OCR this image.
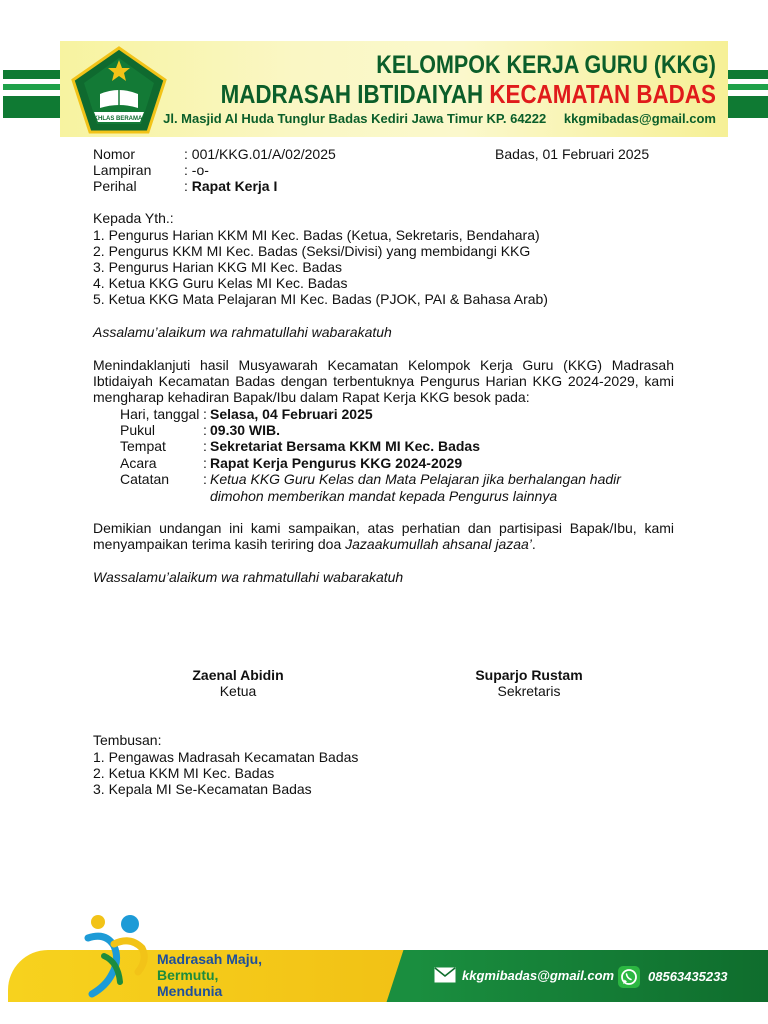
IKHLAS BERAMAL
KELOMPOK KERJA GURU (KKG)
MADRASAH IBTIDAIYAH KECAMATAN BADAS
Jl. Masjid Al Huda Tunglur Badas Kediri Jawa Timur KP. 64222 kkgmibadas@gmail.com
Nomor	: 001/KKG.01/A/02/2025	Badas, 01 Februari 2025
Lampiran : -o-
Perihal	: Rapat Kerja I
Kepada Yth.:
1. Pengurus Harian KKM MI Kec. Badas (Ketua, Sekretaris, Bendahara)
2. Pengurus KKM MI Kec. Badas (Seksi/Divisi) yang membidangi KKG
3. Pengurus Harian KKG MI Kec. Badas
4. Ketua KKG Guru Kelas MI Kec. Badas
5. Ketua KKG Mata Pelajaran MI Kec. Badas (PJOK, PAI & Bahasa Arab)
Assalamu’alaikum wa rahmatullahi wabarakatuh
Menindaklanjuti hasil Musyawarah Kecamatan Kelompok Kerja Guru (KKG) Madrasah Ibtidaiyah Kecamatan Badas dengan terbentuknya Pengurus Harian KKG 2024-2029, kami mengharap kehadiran Bapak/Ibu dalam Rapat Kerja KKG besok pada:
Hari, tanggal : Selasa, 04 Februari 2025
Pukul	: 09.30 WIB.
Tempat	: Sekretariat Bersama KKM MI Kec. Badas
Acara	: Rapat Kerja Pengurus KKG 2024-2029
Catatan : Ketua KKG Guru Kelas dan Mata Pelajaran jika berhalangan hadir
dimohon memberikan mandat kepada Pengurus lainnya
Demikian undangan ini kami sampaikan, atas perhatian dan partisipasi Bapak/Ibu, kami menyampaikan terima kasih teriring doa Jazaakumullah ahsanal jazaa’.
Wassalamu’alaikum wa rahmatullahi wabarakatuh
Zaenal Abidin
Ketua
Suparjo Rustam
Sekretaris
Tembusan:
1. Pengawas Madrasah Kecamatan Badas
2. Ketua KKM MI Kec. Badas
3. Kepala MI Se-Kecamatan Badas
Madrasah Maju,
Bermutu,
Mendunia
kkgmibadas@gmail.com	08563435233
